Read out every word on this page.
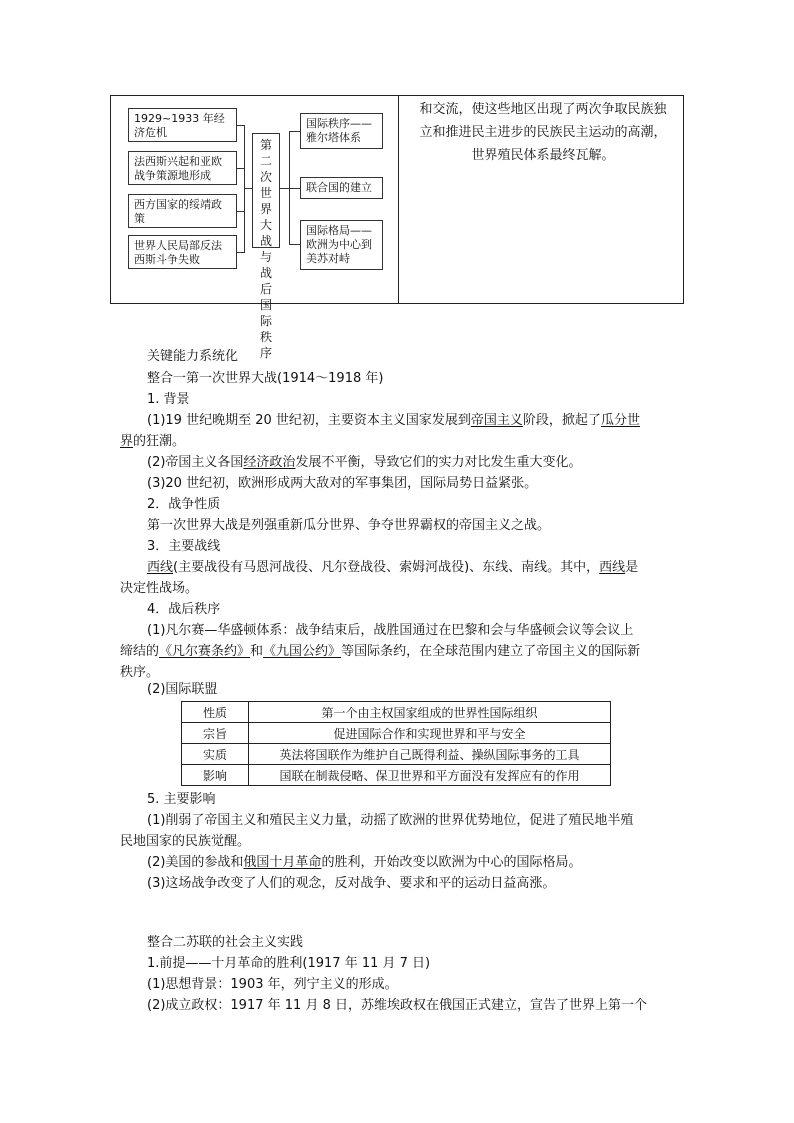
1929~1933 年经济危机
法西斯兴起和亚欧战争策源地形成
西方国家的绥靖政策
世界人民局部反法西斯斗争失败
第二次世界大战与战后国际秩序
国际秩序——雅尔塔体系
联合国的建立
国际格局——欧洲为中心到美苏对峙
和交流，使这些地区出现了两次争取民族独
立和推进民主进步的民族民主运动的高潮，
世界殖民体系最终瓦解。
关键能力系统化
整合一第一次世界大战(1914～1918 年)
1. 背景
(1)19 世纪晚期至 20 世纪初，主要资本主义国家发展到帝国主义阶段，掀起了瓜分世
界的狂潮。
(2)帝国主义各国经济政治发展不平衡，导致它们的实力对比发生重大变化。
(3)20 世纪初，欧洲形成两大敌对的军事集团，国际局势日益紧张。
2．战争性质
第一次世界大战是列强重新瓜分世界、争夺世界霸权的帝国主义之战。
3．主要战线
西线(主要战役有马恩河战役、凡尔登战役、索姆河战役)、东线、南线。其中，西线是
决定性战场。
4．战后秩序
(1)凡尔赛—华盛顿体系：战争结束后，战胜国通过在巴黎和会与华盛顿会议等会议上
缔结的《凡尔赛条约》和《九国公约》等国际条约，在全球范围内建立了帝国主义的国际新
秩序。
(2)国际联盟
性质	第一个由主权国家组成的世界性国际组织
宗旨	促进国际合作和实现世界和平与安全
实质	英法将国联作为维护自己既得利益、操纵国际事务的工具
影响	国联在制裁侵略、保卫世界和平方面没有发挥应有的作用
5. 主要影响
(1)削弱了帝国主义和殖民主义力量，动摇了欧洲的世界优势地位，促进了殖民地半殖
民地国家的民族觉醒。
(2)美国的参战和俄国十月革命的胜利，开始改变以欧洲为中心的国际格局。
(3)这场战争改变了人们的观念，反对战争、要求和平的运动日益高涨。
整合二苏联的社会主义实践
1.前提——十月革命的胜利(1917 年 11 月 7 日)
(1)思想背景：1903 年，列宁主义的形成。
(2)成立政权：1917 年 11 月 8 日，苏维埃政权在俄国正式建立，宣告了世界上第一个
